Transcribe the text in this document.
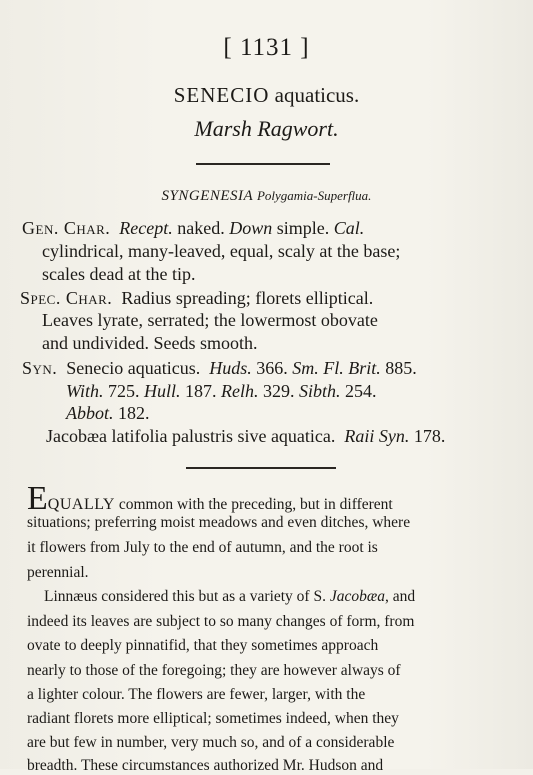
[ 1131 ]
SENECIO aquaticus.
Marsh Ragwort.
SYNGENESIA Polygamia-Superflua.
Gen. Char. Recept. naked. Down simple. Cal.
cylindrical, many-leaved, equal, scaly at the base;
scales dead at the tip.
Spec. Char. Radius spreading; florets elliptical.
Leaves lyrate, serrated; the lowermost obovate
and undivided. Seeds smooth.
Syn. Senecio aquaticus. Huds. 366. Sm. Fl. Brit. 885.
With. 725. Hull. 187. Relh. 329. Sibth. 254.
Abbot. 182.
Jacobæa latifolia palustris sive aquatica. Raii Syn. 178.
EQUALLY common with the preceding, but in different
situations; preferring moist meadows and even ditches, where
it flowers from July to the end of autumn, and the root is
perennial.
Linnæus considered this but as a variety of S. Jacobæa, and
indeed its leaves are subject to so many changes of form, from
ovate to deeply pinnatifid, that they sometimes approach
nearly to those of the foregoing; they are however always of
a lighter colour. The flowers are fewer, larger, with the
radiant florets more elliptical; sometimes indeed, when they
are but few in number, very much so, and of a considerable
breadth. These circumstances authorized Mr. Hudson and
